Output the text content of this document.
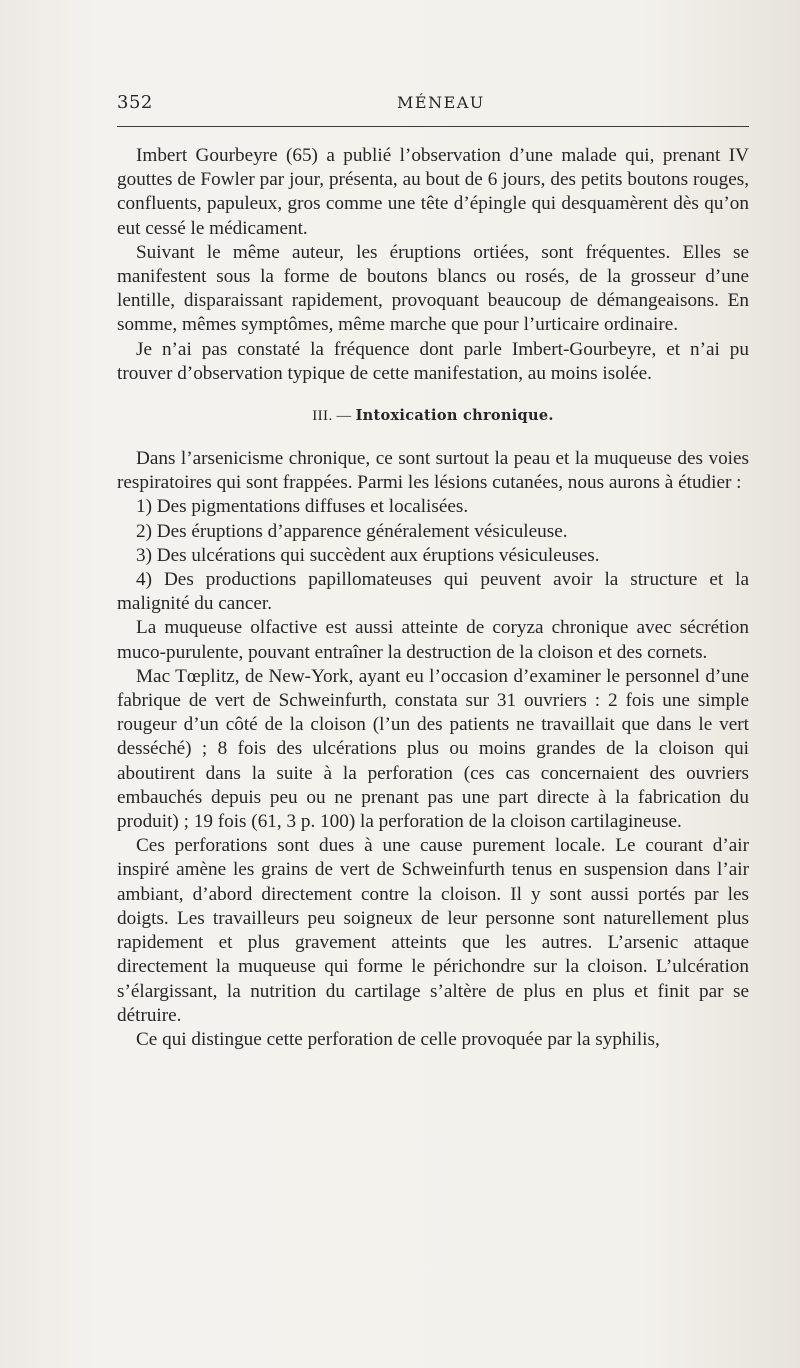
352	MÉNEAU

Imbert Gourbeyre (65) a publié l’observation d’une malade qui, prenant IV gouttes de Fowler par jour, présenta, au bout de 6 jours, des petits boutons rouges, confluents, papuleux, gros comme une tête d’épingle qui desquamèrent dès qu’on eut cessé le médicament.

Suivant le même auteur, les éruptions ortiées, sont fréquentes. Elles se manifestent sous la forme de boutons blancs ou rosés, de la grosseur d’une lentille, disparaissant rapidement, provoquant beaucoup de démangeaisons. En somme, mêmes symptômes, même marche que pour l’urticaire ordinaire.

Je n’ai pas constaté la fréquence dont parle Imbert-Gourbeyre, et n’ai pu trouver d’observation typique de cette manifestation, au moins isolée.

III. — Intoxication chronique.

Dans l’arsenicisme chronique, ce sont surtout la peau et la muqueuse des voies respiratoires qui sont frappées. Parmi les lésions cutanées, nous aurons à étudier :

1) Des pigmentations diffuses et localisées.

2) Des éruptions d’apparence généralement vésiculeuse.

3) Des ulcérations qui succèdent aux éruptions vésiculeuses.

4) Des productions papillomateuses qui peuvent avoir la structure et la malignité du cancer.

La muqueuse olfactive est aussi atteinte de coryza chronique avec sécrétion muco-purulente, pouvant entraîner la destruction de la cloison et des cornets.

Mac Tœplitz, de New-York, ayant eu l’occasion d’examiner le personnel d’une fabrique de vert de Schweinfurth, constata sur 31 ouvriers : 2 fois une simple rougeur d’un côté de la cloison (l’un des patients ne travaillait que dans le vert desséché) ; 8 fois des ulcérations plus ou moins grandes de la cloison qui aboutirent dans la suite à la perforation (ces cas concernaient des ouvriers embauchés depuis peu ou ne prenant pas une part directe à la fabrication du produit) ; 19 fois (61, 3 p. 100) la perforation de la cloison cartilagineuse.

Ces perforations sont dues à une cause purement locale. Le courant d’air inspiré amène les grains de vert de Schweinfurth tenus en suspension dans l’air ambiant, d’abord directement contre la cloison. Il y sont aussi portés par les doigts. Les travailleurs peu soigneux de leur personne sont naturellement plus rapidement et plus gravement atteints que les autres. L’arsenic attaque directement la muqueuse qui forme le périchondre sur la cloison. L’ulcération s’élargissant, la nutrition du cartilage s’altère de plus en plus et finit par se détruire.

Ce qui distingue cette perforation de celle provoquée par la syphilis,
